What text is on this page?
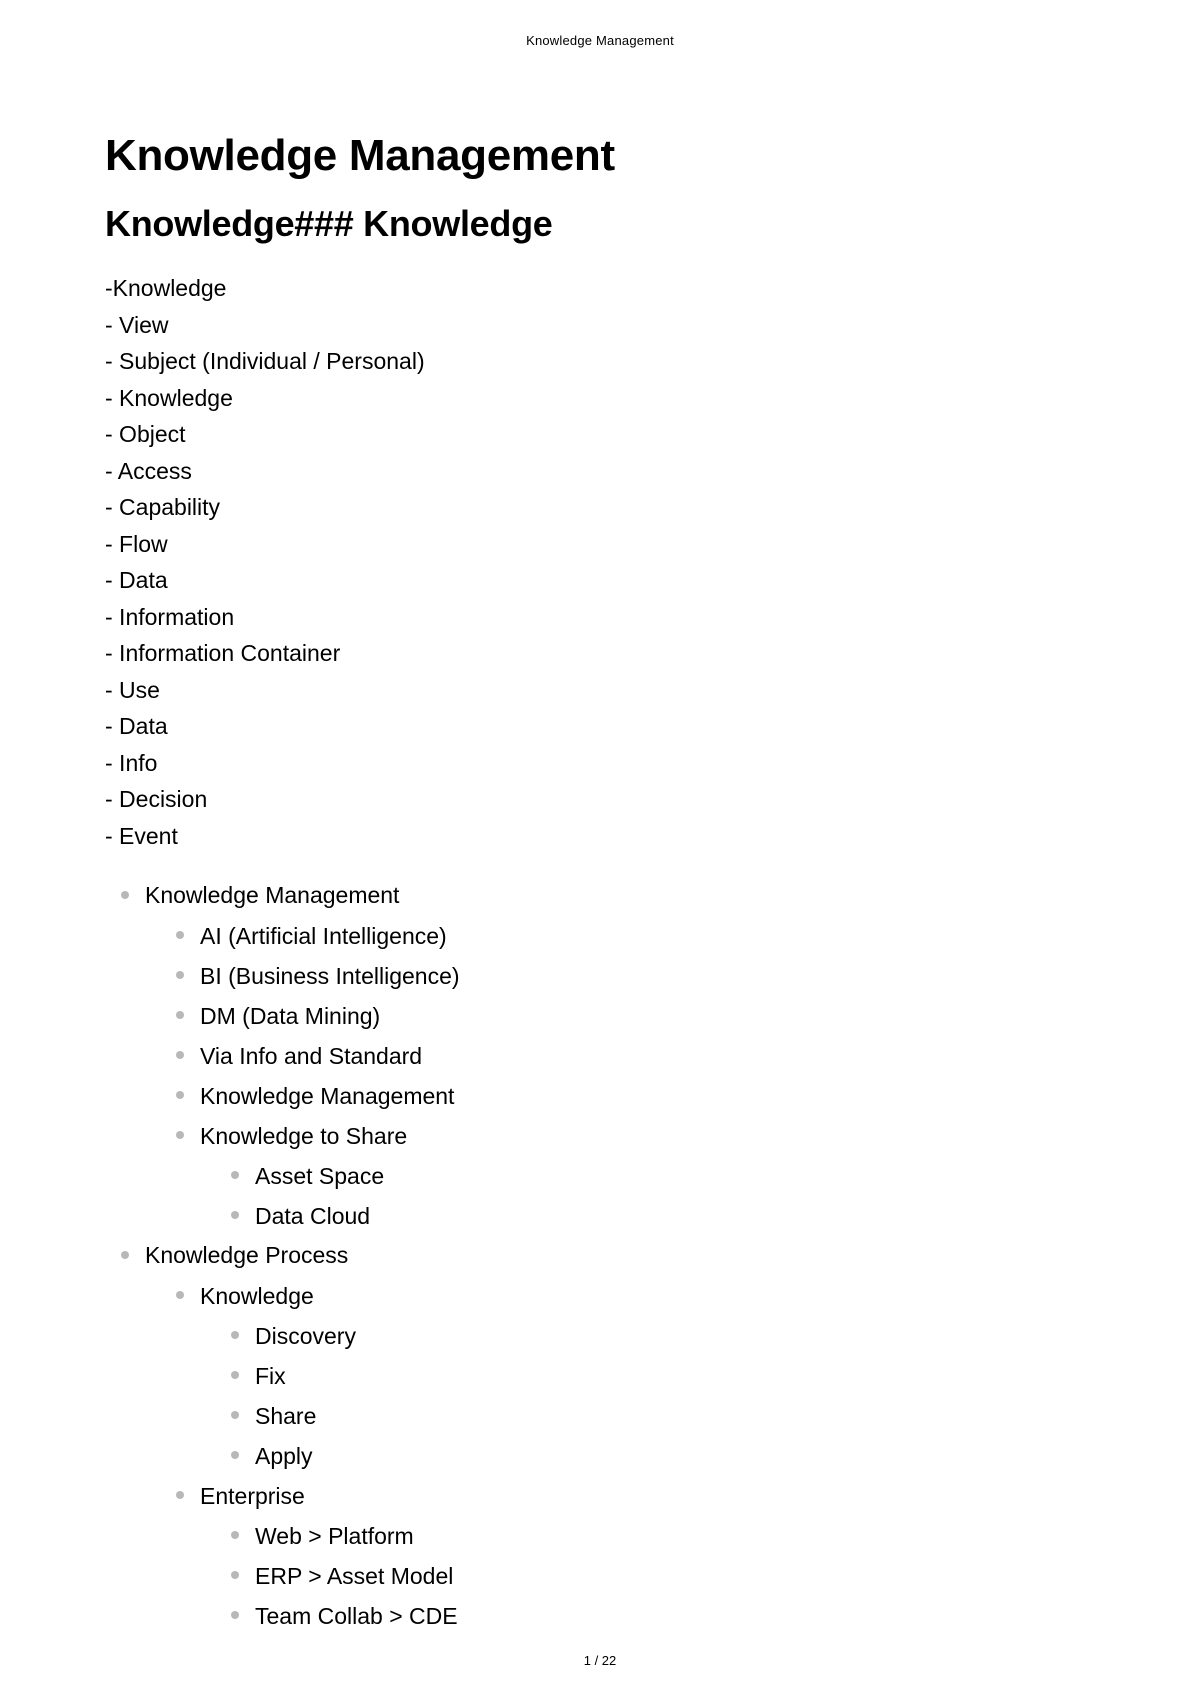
Knowledge Management
Knowledge Management
Knowledge### Knowledge
-Knowledge
- View
- Subject (Individual / Personal)
- Knowledge
- Object
- Access
- Capability
- Flow
- Data
- Information
- Information Container
- Use
- Data
- Info
- Decision
- Event
Knowledge Management
AI (Artificial Intelligence)
BI (Business Intelligence)
DM (Data Mining)
Via Info and Standard
Knowledge Management
Knowledge to Share
Asset Space
Data Cloud
Knowledge Process
Knowledge
Discovery
Fix
Share
Apply
Enterprise
Web > Platform
ERP > Asset Model
Team Collab > CDE
1 / 22
